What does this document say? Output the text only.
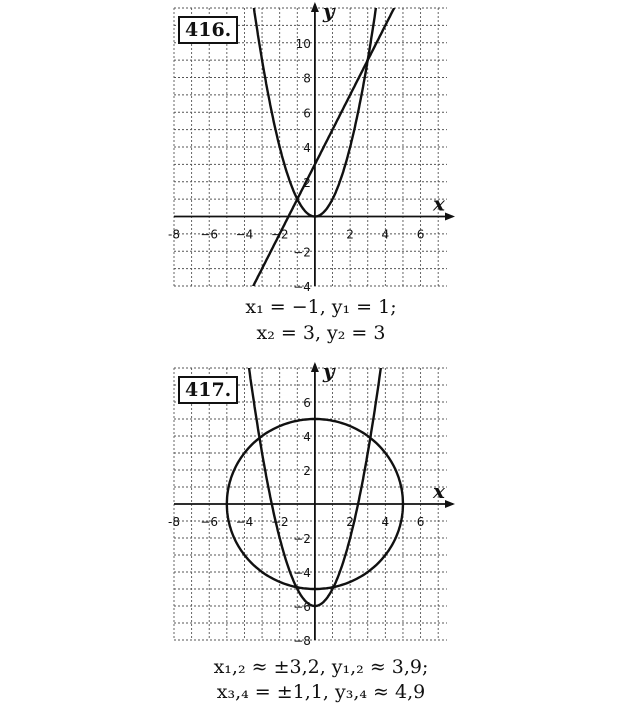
x
y
-8 −6 −4 −2	2 4 6
10
8
6
4
2
−2
−4
416.
x₁ = −1, y₁ = 1;
x₂ = 3, y₂ = 3
x
y
-8 −6 −4 −2	2 4 6
6
4
2
−2
−4
−6
−8
417.
x₁,₂ ≈ ±3,2, y₁,₂ ≈ 3,9;
x₃,₄ = ±1,1, y₃,₄ ≈ 4,9
